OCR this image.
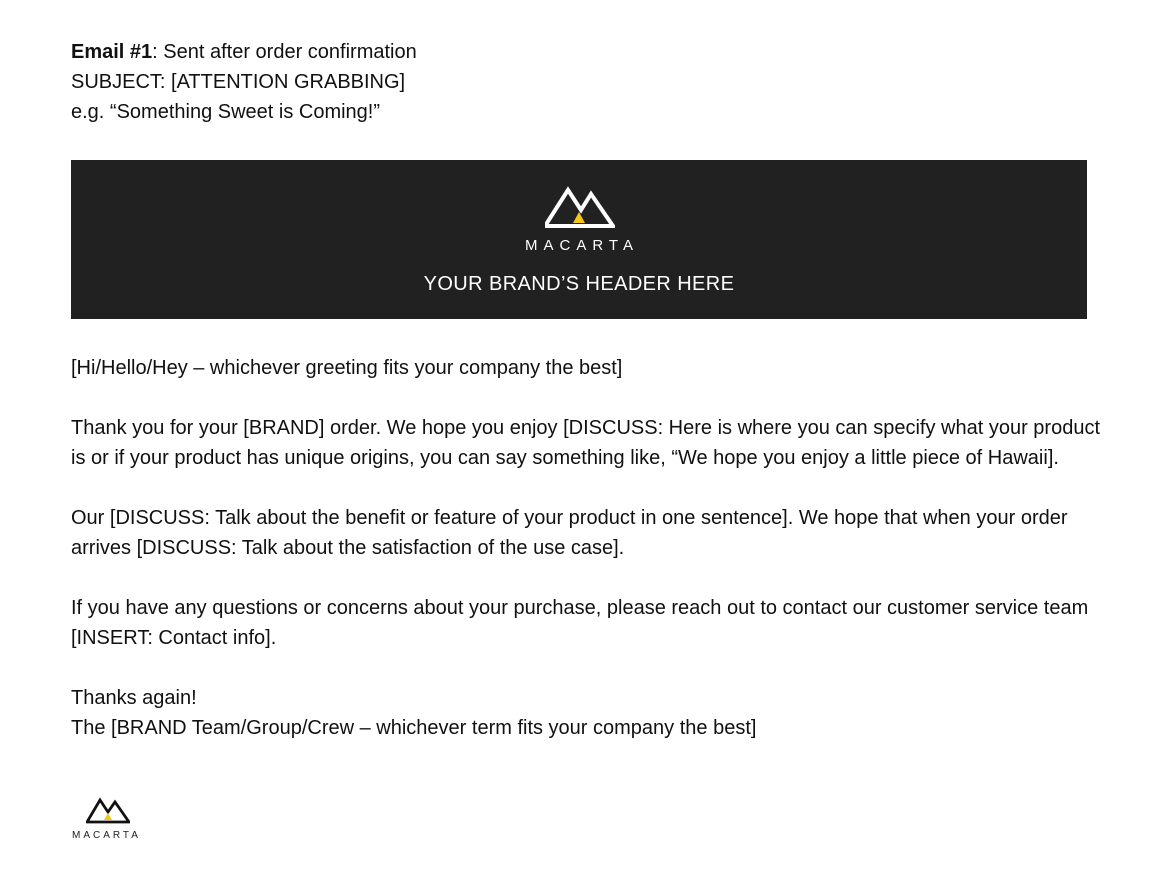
Email #1: Sent after order confirmation

SUBJECT: [ATTENTION GRABBING]

e.g. “Something Sweet is Coming!”

MACARTA
YOUR BRAND’S HEADER HERE

[Hi/Hello/Hey – whichever greeting fits your company the best]

Thank you for your [BRAND] order. We hope you enjoy [DISCUSS: Here is where you can specify what your product is or if your product has unique origins, you can say something like, “We hope you enjoy a little piece of Hawaii].

Our [DISCUSS: Talk about the benefit or feature of your product in one sentence]. We hope that when your order arrives [DISCUSS: Talk about the satisfaction of the use case].

If you have any questions or concerns about your purchase, please reach out to contact our customer service team [INSERT: Contact info].

Thanks again!

The [BRAND Team/Group/Crew – whichever term fits your company the best]

MACARTA
